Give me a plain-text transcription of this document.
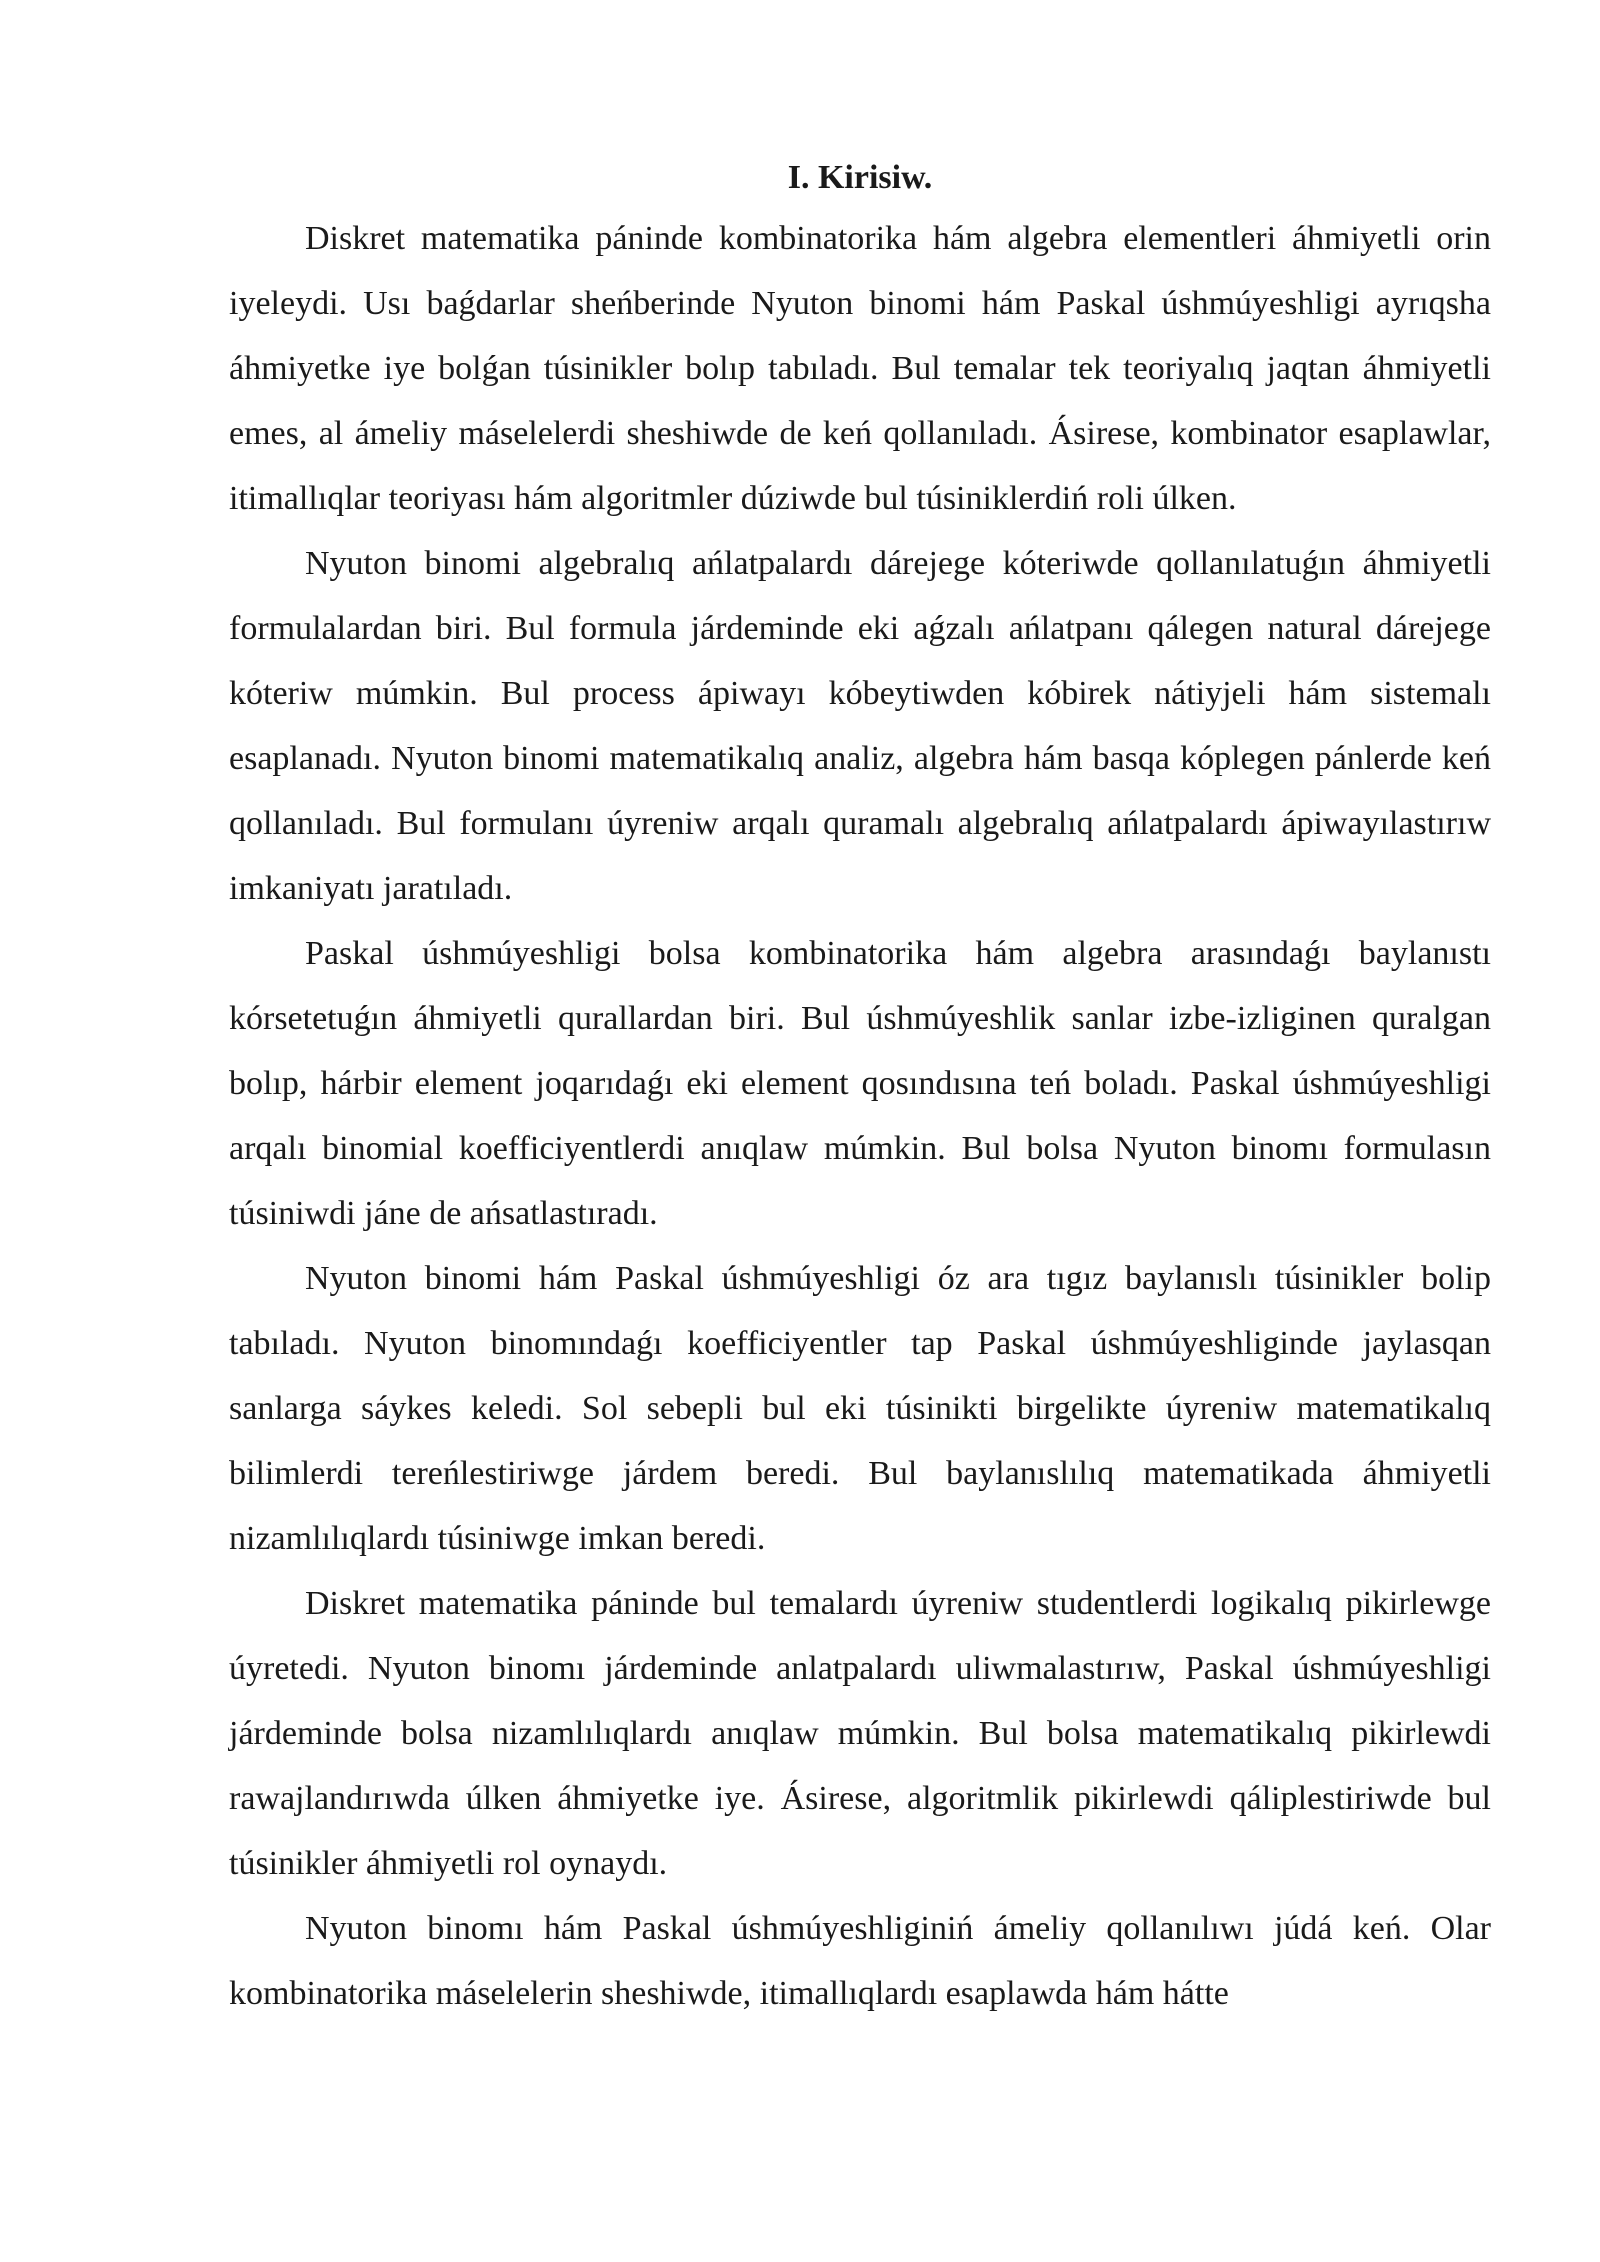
I. Kirisiw.

Diskret matematika páninde kombinatorika hám algebra elementleri áhmiyetli orin iyeleydi. Usı baǵdarlar sheńberinde Nyuton binomi hám Paskal úshmúyeshligi ayrıqsha áhmiyetke iye bolǵan túsinikler bolıp tabıladı. Bul temalar tek teoriyalıq jaqtan áhmiyetli emes, al ámeliy máselelerdi sheshiwde de keń qollanıladı. Ásirese, kombinator esaplawlar, itimallıqlar teoriyası hám algoritmler dúziwde bul túsiniklerdiń roli úlken.

Nyuton binomi algebralıq ańlatpalardı dárejege kóteriwde qollanılatuǵın áhmiyetli formulalardan biri. Bul formula járdeminde eki aǵzalı ańlatpanı qálegen natural dárejege kóteriw múmkin. Bul process ápiwayı kóbeytiwden kóbirek nátiyjeli hám sistemalı esaplanadı. Nyuton binomi matematikalıq analiz, algebra hám basqa kóplegen pánlerde keń qollanıladı. Bul formulanı úyreniw arqalı quramalı algebralıq ańlatpalardı ápiwayılastırıw imkaniyatı jaratıladı.

Paskal úshmúyeshligi bolsa kombinatorika hám algebra arasındaǵı baylanıstı kórsetetuǵın áhmiyetli qurallardan biri. Bul úshmúyeshlik sanlar izbe-izliginen quralgan bolıp, hárbir element joqarıdaǵı eki element qosındısına teń boladı. Paskal úshmúyeshligi arqalı binomial koefficiyentlerdi anıqlaw múmkin. Bul bolsa Nyuton binomı formulasın túsiniwdi jáne de ańsatlastıradı.

Nyuton binomi hám Paskal úshmúyeshligi óz ara tıgız baylanıslı túsinikler bolip tabıladı. Nyuton binomındaǵı koefficiyentler tap Paskal úshmúyeshliginde jaylasqan sanlarga sáykes keledi. Sol sebepli bul eki túsinikti birgelikte úyreniw matematikalıq bilimlerdi tereńlestiriwge járdem beredi. Bul baylanıslılıq matematikada áhmiyetli nizamlılıqlardı túsiniwge imkan beredi.

Diskret matematika páninde bul temalardı úyreniw studentlerdi logikalıq pikirlewge úyretedi. Nyuton binomı járdeminde anlatpalardı uliwmalastırıw, Paskal úshmúyeshligi járdeminde bolsa nizamlılıqlardı anıqlaw múmkin. Bul bolsa matematikalıq pikirlewdi rawajlandırıwda úlken áhmiyetke iye. Ásirese, algoritmlik pikirlewdi qáliplestiriwde bul túsinikler áhmiyetli rol oynaydı.

Nyuton binomı hám Paskal úshmúyeshliginiń ámeliy qollanılıwı júdá keń. Olar kombinatorika máselelerin sheshiwde, itimallıqlardı esaplawda hám hátte
